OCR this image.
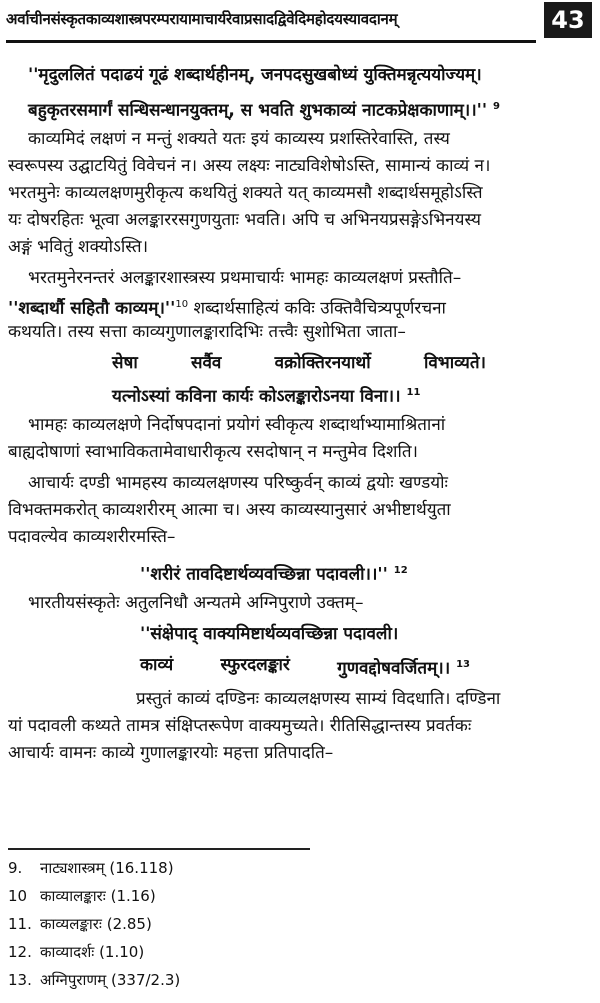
अर्वाचीनसंस्कृतकाव्यशास्त्रपरम्परायामाचार्यरेवाप्रसादद्विवेदिमहोदयस्यावदानम्	43
''मृदुललितं पदाढयं गूढं शब्दार्थहीनम्, जनपदसुखबोध्यं युक्तिमन्नृत्ययोज्यम्।
बहुकृतरसमार्गं सन्धिसन्धानयुक्तम्, स भवति शुभकाव्यं नाटकप्रेक्षकाणाम्।।'' $^9$
काव्यमिदं लक्षणं न मन्तुं शक्यते यतः इयं काव्यस्य प्रशस्तिरेवास्ति, तस्य
स्वरूपस्य उद्घाटयितुं विवेचनं न। अस्य लक्ष्यः नाट्यविशेषोऽस्ति, सामान्यं काव्यं न।
भरतमुनेः काव्यलक्षणमुरीकृत्य कथयितुं शक्यते यत् काव्यमसौ शब्दार्थसमूहोऽस्ति
यः दोषरहितः भूत्वा अलङ्काररसगुणयुताः भवति। अपि च अभिनयप्रसङ्गेऽभिनयस्य
अङ्गं भवितुं शक्योऽस्ति।
भरतमुनेरनन्तरं अलङ्कारशास्त्रस्य प्रथमाचार्यः भामहः काव्यलक्षणं प्रस्तौति–
''शब्दार्थौ सहितौ $काव्यम्।''^{10}$ शब्दार्थसाहित्यं कविः उक्तिवैचित्र्यपूर्णरचना
कथयति। तस्य सत्ता काव्यगुणालङ्कारादिभिः तत्त्वैः सुशोभिता जाता–
सेषा	सर्वैव	वक्रोक्तिरनयार्थो	विभाव्यते।
यत्नोऽस्यां कविना कार्यः कोऽलङ्कारोऽनया विना।। $^{11}$
भामहः काव्यलक्षणे निर्दोषपदानां प्रयोगं स्वीकृत्य शब्दार्थाभ्यामाश्रितानां
बाह्यदोषाणां स्वाभाविकतामेवाधारीकृत्य रसदोषान् न मन्तुमेव दिशति।
आचार्यः दण्डी भामहस्य काव्यलक्षणस्य परिष्कुर्वन् काव्यं द्वयोः खण्डयोः
विभक्तमकरोत् काव्यशरीरम् आत्मा च। अस्य काव्यस्यानुसारं अभीष्टार्थयुता
पदावल्येव काव्यशरीरमस्ति–
''शरीरं तावदिष्टार्थव्यवच्छिन्ना पदावली।।'' $^{12}$
भारतीयसंस्कृतेः अतुलनिधौ अन्यतमे अग्निपुराणे उक्तम्–
''संक्षेपाद् वाक्यमिष्टार्थव्यवच्छिन्ना पदावली।
काव्यं	स्फुरदलङ्कारं	गुणवद्दोषवर्जितम्।। $^{13}$
प्रस्तुतं काव्यं दण्डिनः काव्यलक्षणस्य साम्यं विदधाति। दण्डिना
यां पदावली कथ्यते तामत्र संक्षिप्तरूपेण वाक्यमुच्यते। रीतिसिद्धान्तस्य प्रवर्तकः
आचार्यः वामनः काव्ये गुणालङ्कारयोः महत्ता प्रतिपादति–
9. नाट्यशास्त्रम् (16.118)
10 काव्यालङ्कारः (1.16)
11. काव्यलङ्कारः (2.85)
12. काव्यादर्शः (1.10)
13. अग्निपुराणम् (337/2.3)
